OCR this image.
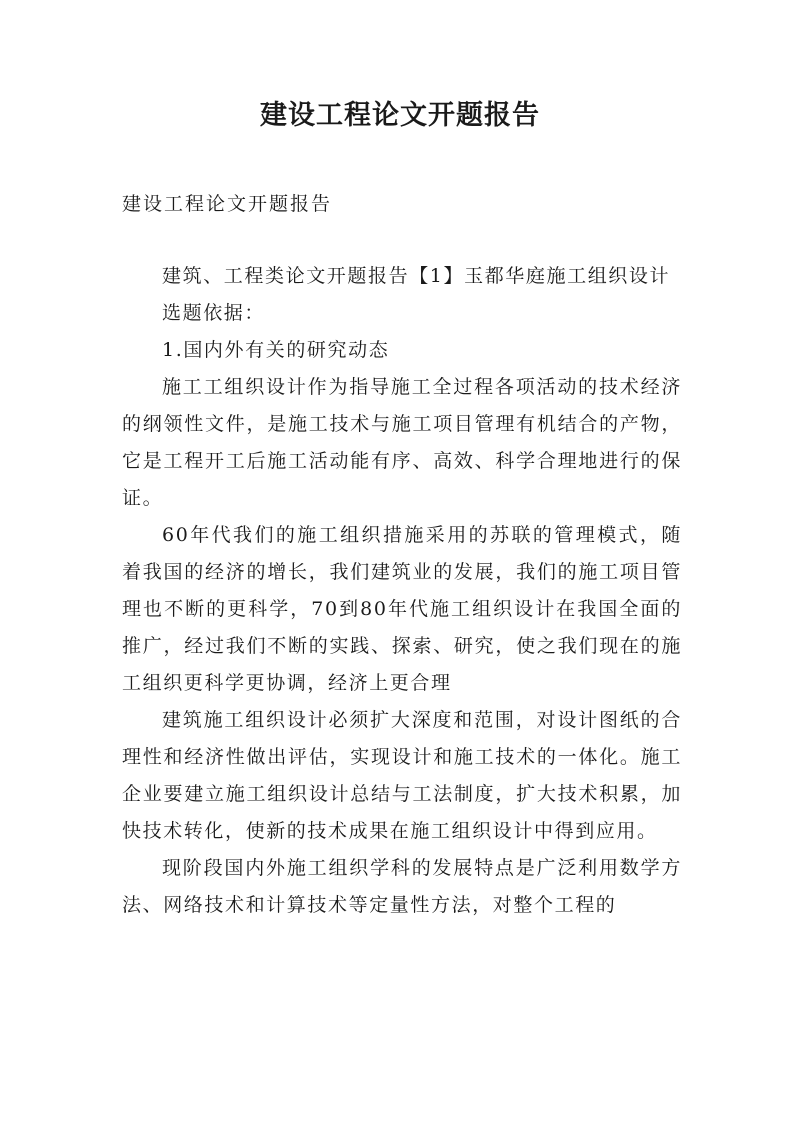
建设工程论文开题报告

建设工程论文开题报告

建筑、工程类论文开题报告【1】玉都华庭施工组织设计

选题依据：

1.国内外有关的研究动态

施工工组织设计作为指导施工全过程各项活动的技术经济的纲领性文件，是施工技术与施工项目管理有机结合的产物，它是工程开工后施工活动能有序、高效、科学合理地进行的保证。

60年代我们的施工组织措施采用的苏联的管理模式，随着我国的经济的增长，我们建筑业的发展，我们的施工项目管理也不断的更科学，70到80年代施工组织设计在我国全面的推广，经过我们不断的实践、探索、研究，使之我们现在的施工组织更科学更协调，经济上更合理

建筑施工组织设计必须扩大深度和范围，对设计图纸的合理性和经济性做出评估，实现设计和施工技术的一体化。施工企业要建立施工组织设计总结与工法制度，扩大技术积累，加快技术转化，使新的技术成果在施工组织设计中得到应用。

现阶段国内外施工组织学科的发展特点是广泛利用数学方法、网络技术和计算技术等定量性方法，对整个工程的
